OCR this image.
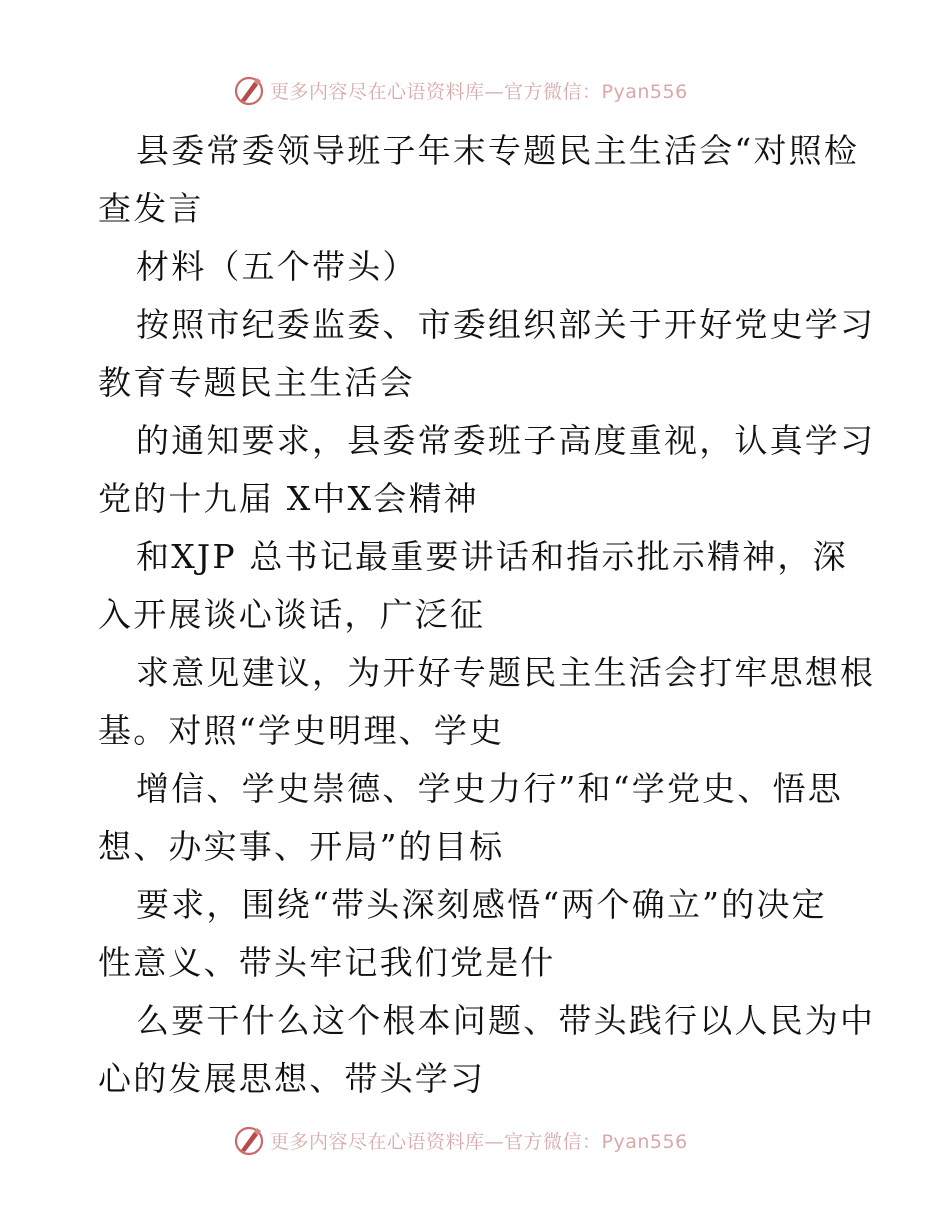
更多内容尽在心语资料库—官方微信：Pyan556
县委常委领导班子年末专题民主生活会“对照检
查发言
材料（五个带头）
按照市纪委监委、市委组织部关于开好党史学习
教育专题民主生活会
的通知要求，县委常委班子高度重视，认真学习
党的十九届 X中X会精神
和XJP 总书记最重要讲话和指示批示精神，深
入开展谈心谈话，广泛征
求意见建议，为开好专题民主生活会打牢思想根
基。对照“学史明理、学史
增信、学史崇德、学史力行”和“学党史、悟思
想、办实事、开局”的目标
要求，围绕“带头深刻感悟“两个确立”的决定
性意义、带头牢记我们党是什
么要干什么这个根本问题、带头践行以人民为中
心的发展思想、带头学习
更多内容尽在心语资料库—官方微信：Pyan556
